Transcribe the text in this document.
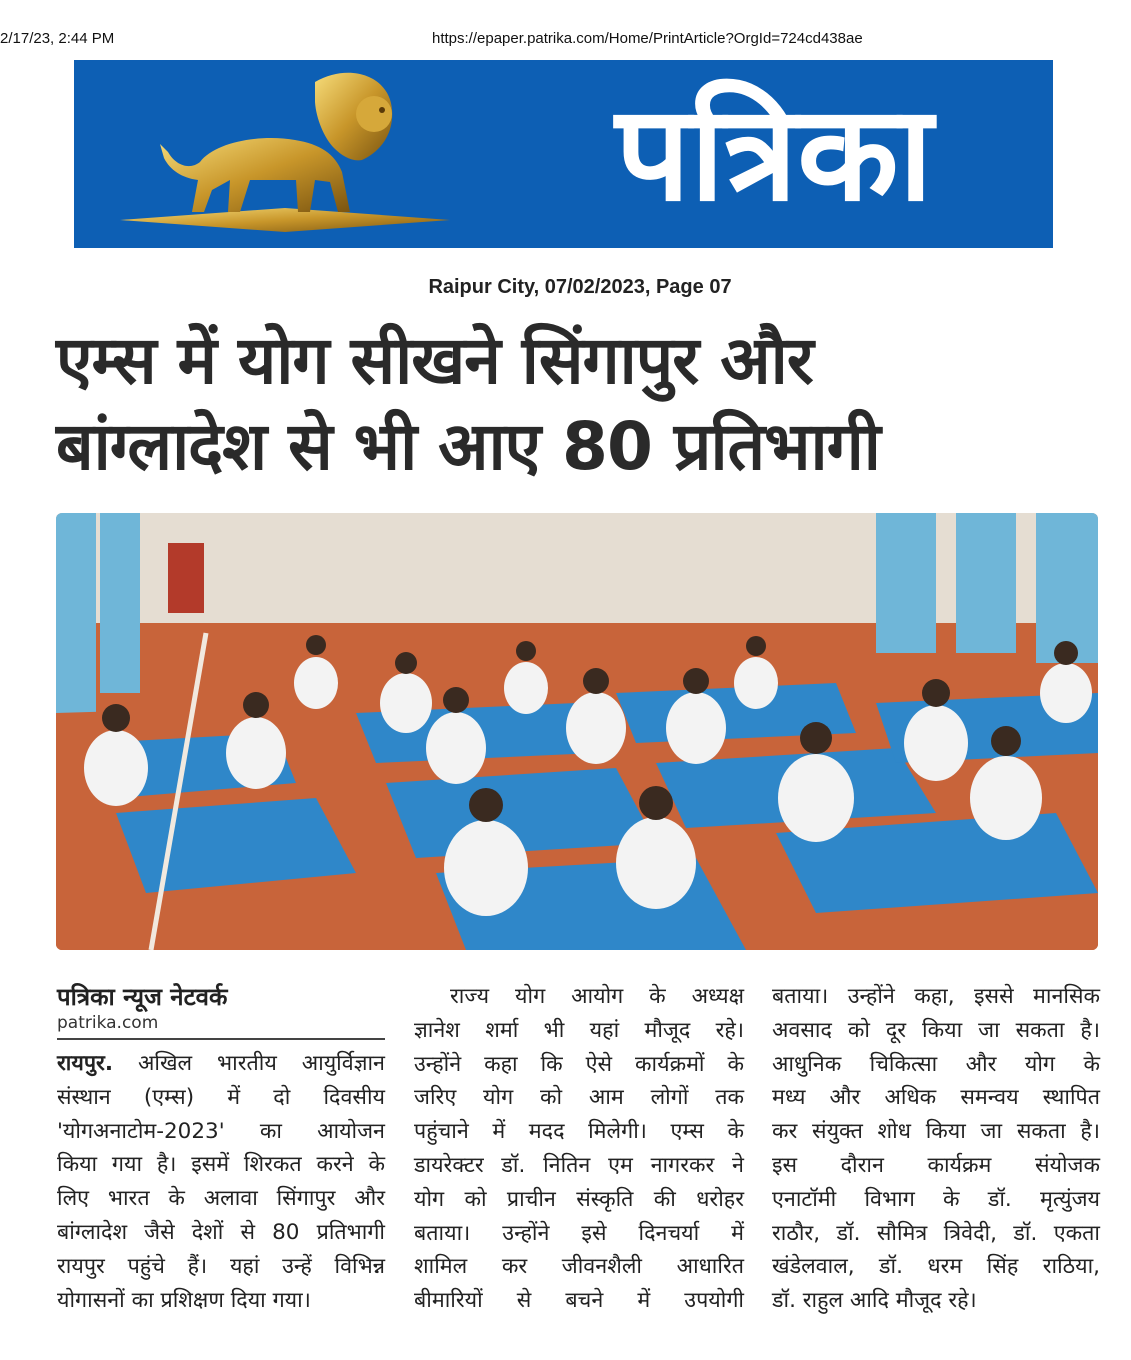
2/17/23, 2:44 PM	https://epaper.patrika.com/Home/PrintArticle?OrgId=724cd438ae
पत्रिका
Raipur City, 07/02/2023, Page 07
एम्स में योग सीखने सिंगापुर और
बांग्लादेश से भी आए 80 प्रतिभागी
पत्रिका न्यूज नेटवर्क
patrika.com
रायपुर. अखिल भारतीय आयुर्विज्ञान
संस्थान (एम्स) में दो दिवसीय
'योगअनाटोम-2023' का आयोजन
किया गया है। इसमें शिरकत करने के
लिए भारत के अलावा सिंगापुर और
बांग्लादेश जैसे देशों से 80 प्रतिभागी
रायपुर पहुंचे हैं। यहां उन्हें विभिन्न
योगासनों का प्रशिक्षण दिया गया।
राज्य योग आयोग के अध्यक्ष
ज्ञानेश शर्मा भी यहां मौजूद रहे।
उन्होंने कहा कि ऐसे कार्यक्रमों के
जरिए योग को आम लोगों तक
पहुंचाने में मदद मिलेगी। एम्स के
डायरेक्टर डॉ. नितिन एम नागरकर ने
योग को प्राचीन संस्कृति की धरोहर
बताया। उन्होंने इसे दिनचर्या में
शामिल कर जीवनशैली आधारित
बीमारियों से बचने में उपयोगी
बताया। उन्होंने कहा, इससे मानसिक
अवसाद को दूर किया जा सकता है।
आधुनिक चिकित्सा और योग के
मध्य और अधिक समन्वय स्थापित
कर संयुक्त शोध किया जा सकता है।
इस दौरान कार्यक्रम संयोजक
एनाटॉमी विभाग के डॉ. मृत्युंजय
राठौर, डॉ. सौमित्र त्रिवेदी, डॉ. एकता
खंडेलवाल, डॉ. धरम सिंह राठिया,
डॉ. राहुल आदि मौजूद रहे।
